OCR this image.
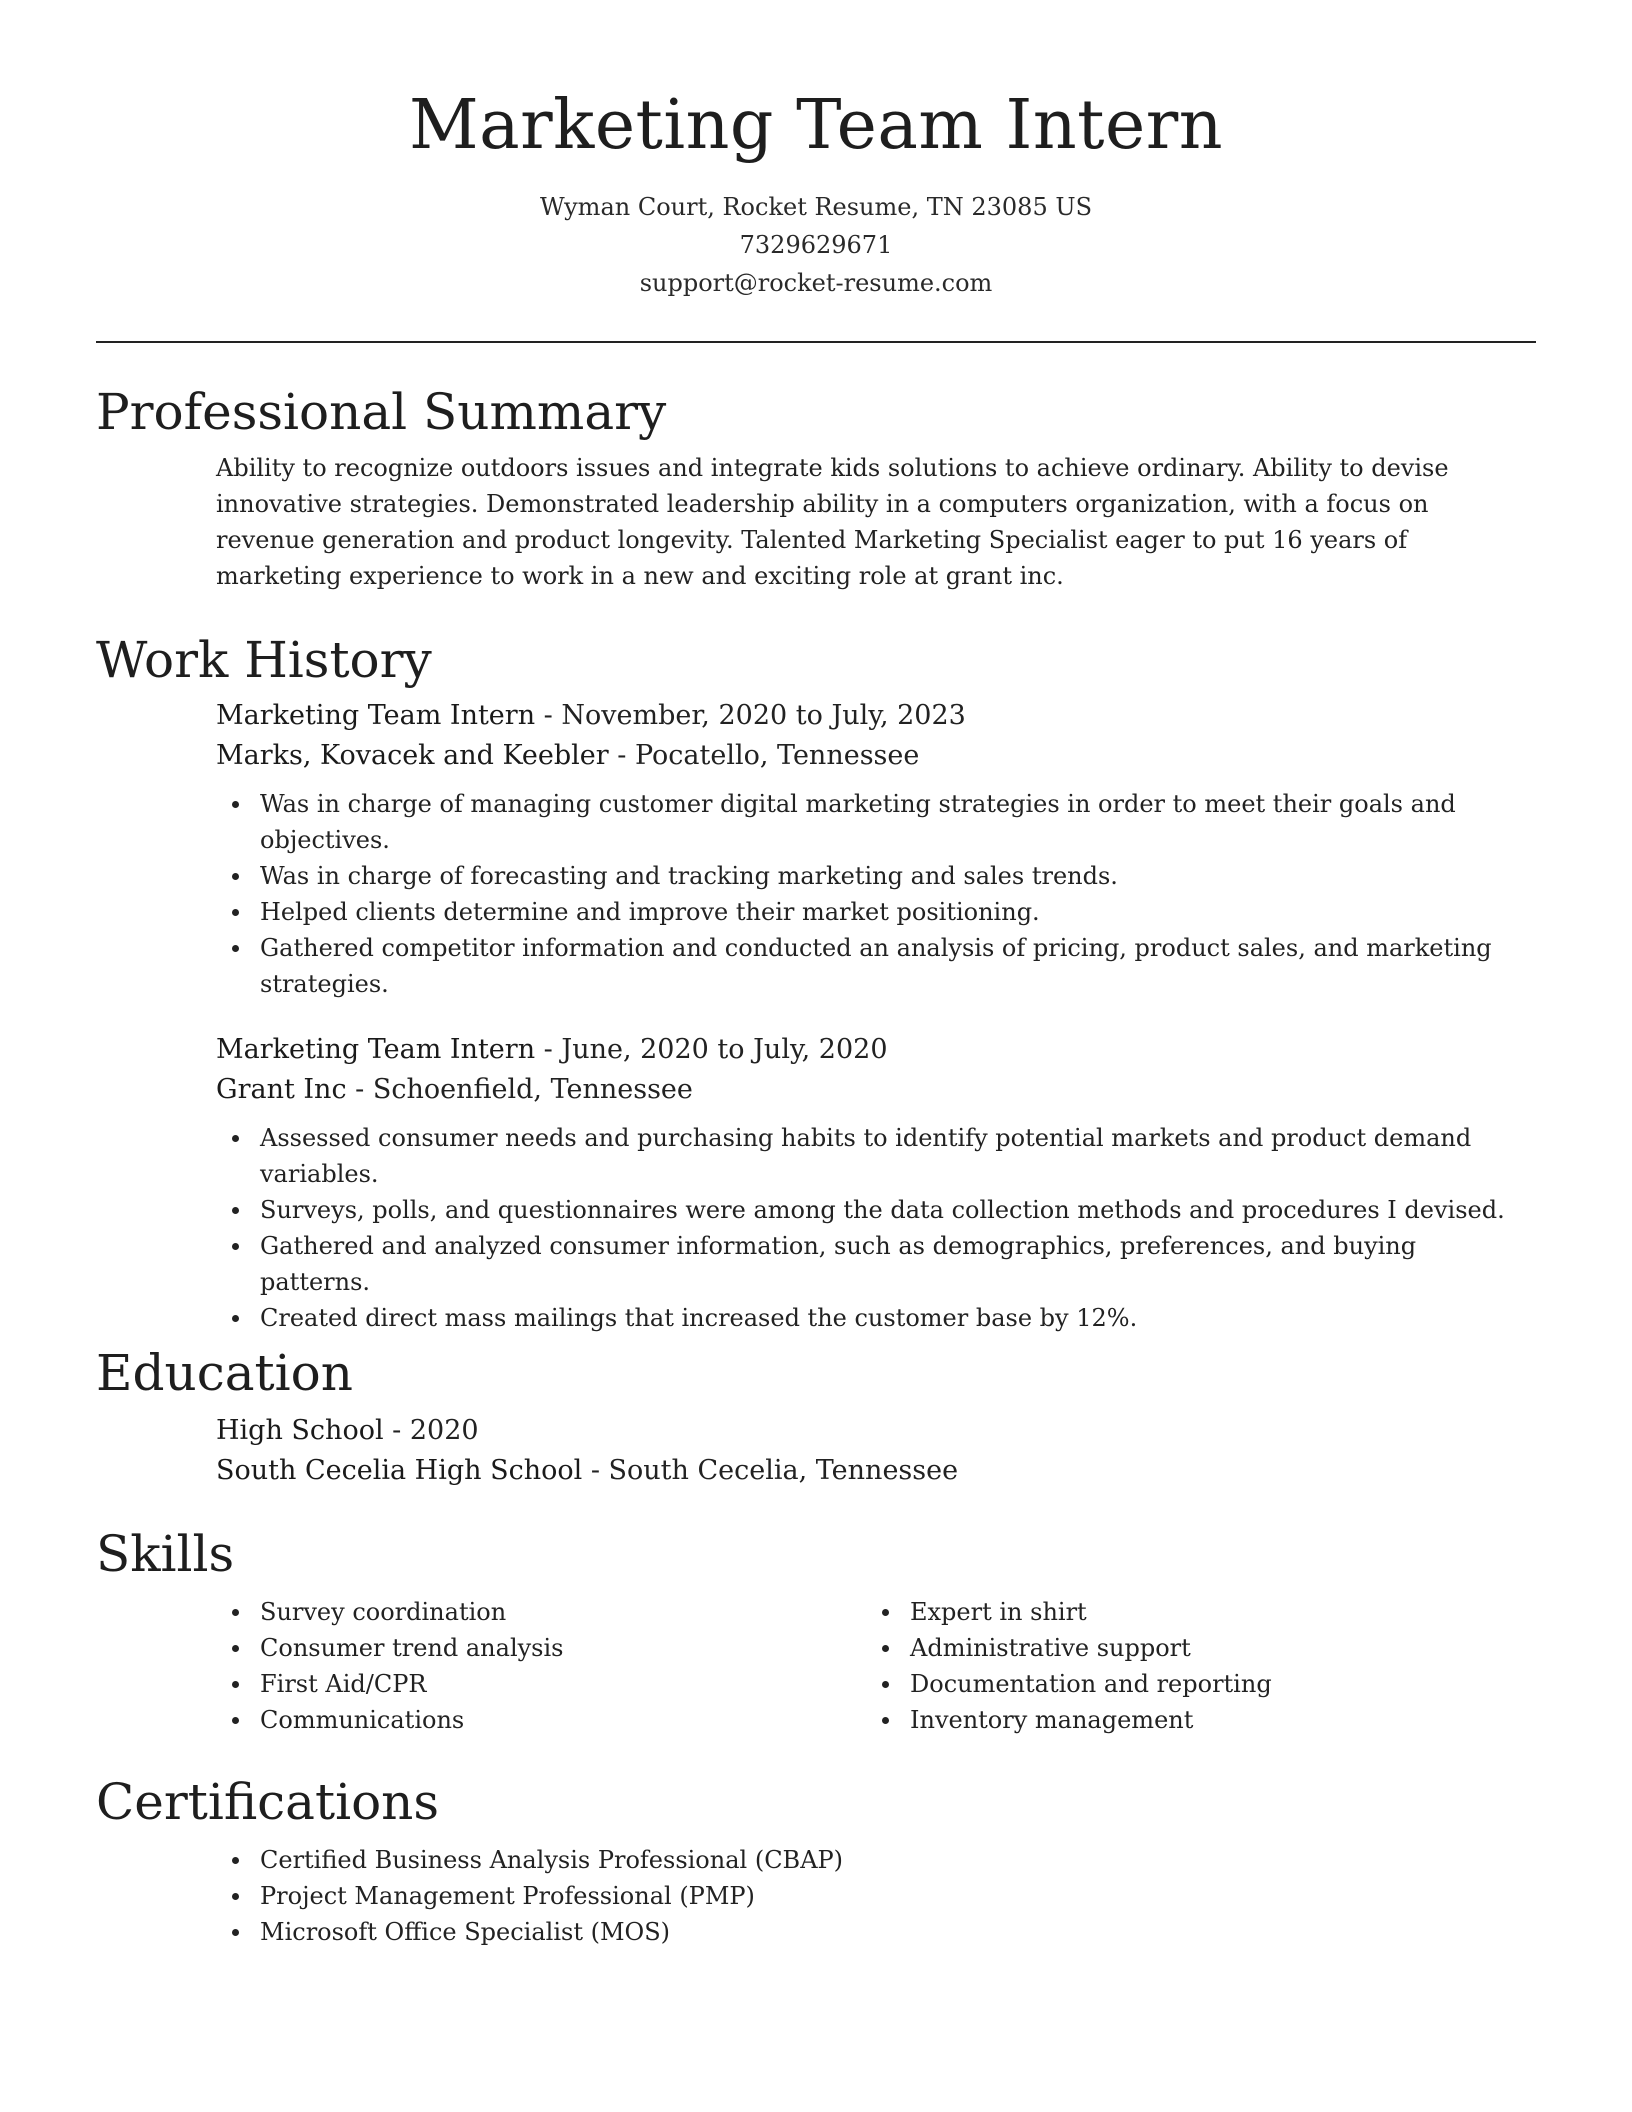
Marketing Team Intern
Wyman Court, Rocket Resume, TN 23085 US
7329629671
support@rocket-resume.com
Professional Summary
Ability to recognize outdoors issues and integrate kids solutions to achieve ordinary. Ability to devise innovative strategies. Demonstrated leadership ability in a computers organization, with a focus on revenue generation and product longevity. Talented Marketing Specialist eager to put 16 years of marketing experience to work in a new and exciting role at grant inc.
Work History
Marketing Team Intern - November, 2020 to July, 2023
Marks, Kovacek and Keebler - Pocatello, Tennessee
Was in charge of managing customer digital marketing strategies in order to meet their goals and objectives.
Was in charge of forecasting and tracking marketing and sales trends.
Helped clients determine and improve their market positioning.
Gathered competitor information and conducted an analysis of pricing, product sales, and marketing strategies.
Marketing Team Intern - June, 2020 to July, 2020
Grant Inc - Schoenfield, Tennessee
Assessed consumer needs and purchasing habits to identify potential markets and product demand variables.
Surveys, polls, and questionnaires were among the data collection methods and procedures I devised.
Gathered and analyzed consumer information, such as demographics, preferences, and buying patterns.
Created direct mass mailings that increased the customer base by 12%.
Education
High School - 2020
South Cecelia High School - South Cecelia, Tennessee
Skills
Survey coordination
Consumer trend analysis
First Aid/CPR
Communications
Expert in shirt
Administrative support
Documentation and reporting
Inventory management
Certifications
Certified Business Analysis Professional (CBAP)
Project Management Professional (PMP)
Microsoft Office Specialist (MOS)
